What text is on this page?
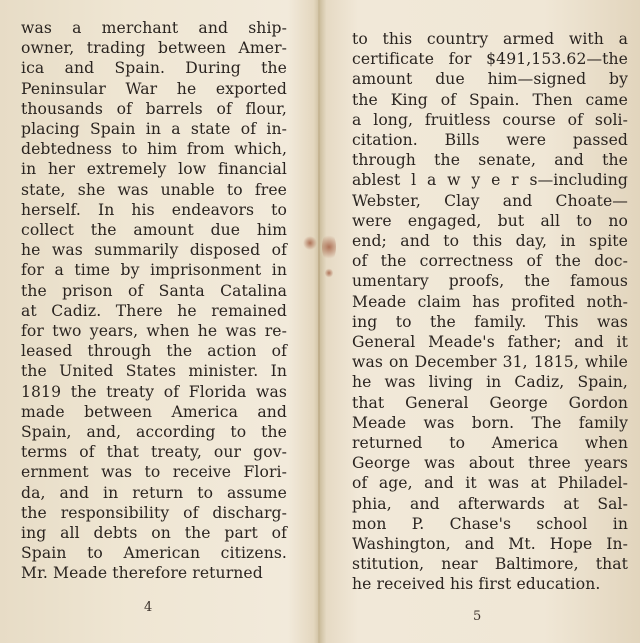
was a merchant and ship-
owner, trading between Amer-
ica and Spain. During the
Peninsular War he exported
thousands of barrels of flour,
placing Spain in a state of in-
debtedness to him from which,
in her extremely low financial
state, she was unable to free
herself. In his endeavors to
collect the amount due him
he was summarily disposed of
for a time by imprisonment in
the prison of Santa Catalina
at Cadiz. There he remained
for two years, when he was re-
leased through the action of
the United States minister. In
1819 the treaty of Florida was
made between America and
Spain, and, according to the
terms of that treaty, our gov-
ernment was to receive Flori-
da, and in return to assume
the responsibility of discharg-
ing all debts on the part of
Spain to American citizens.
Mr. Meade therefore returned
4
to this country armed with a
certificate for $491,153.62—the
amount due him—signed by
the King of Spain. Then came
a long, fruitless course of soli-
citation. Bills were passed
through the senate, and the
ablest l a w y e r s—including
Webster, Clay and Choate—
were engaged, but all to no
end; and to this day, in spite
of the correctness of the doc-
umentary proofs, the famous
Meade claim has profited noth-
ing to the family. This was
General Meade's father; and it
was on December 31, 1815, while
he was living in Cadiz, Spain,
that General George Gordon
Meade was born. The family
returned to America when
George was about three years
of age, and it was at Philadel-
phia, and afterwards at Sal-
mon P. Chase's school in
Washington, and Mt. Hope In-
stitution, near Baltimore, that
he received his first education.
5
